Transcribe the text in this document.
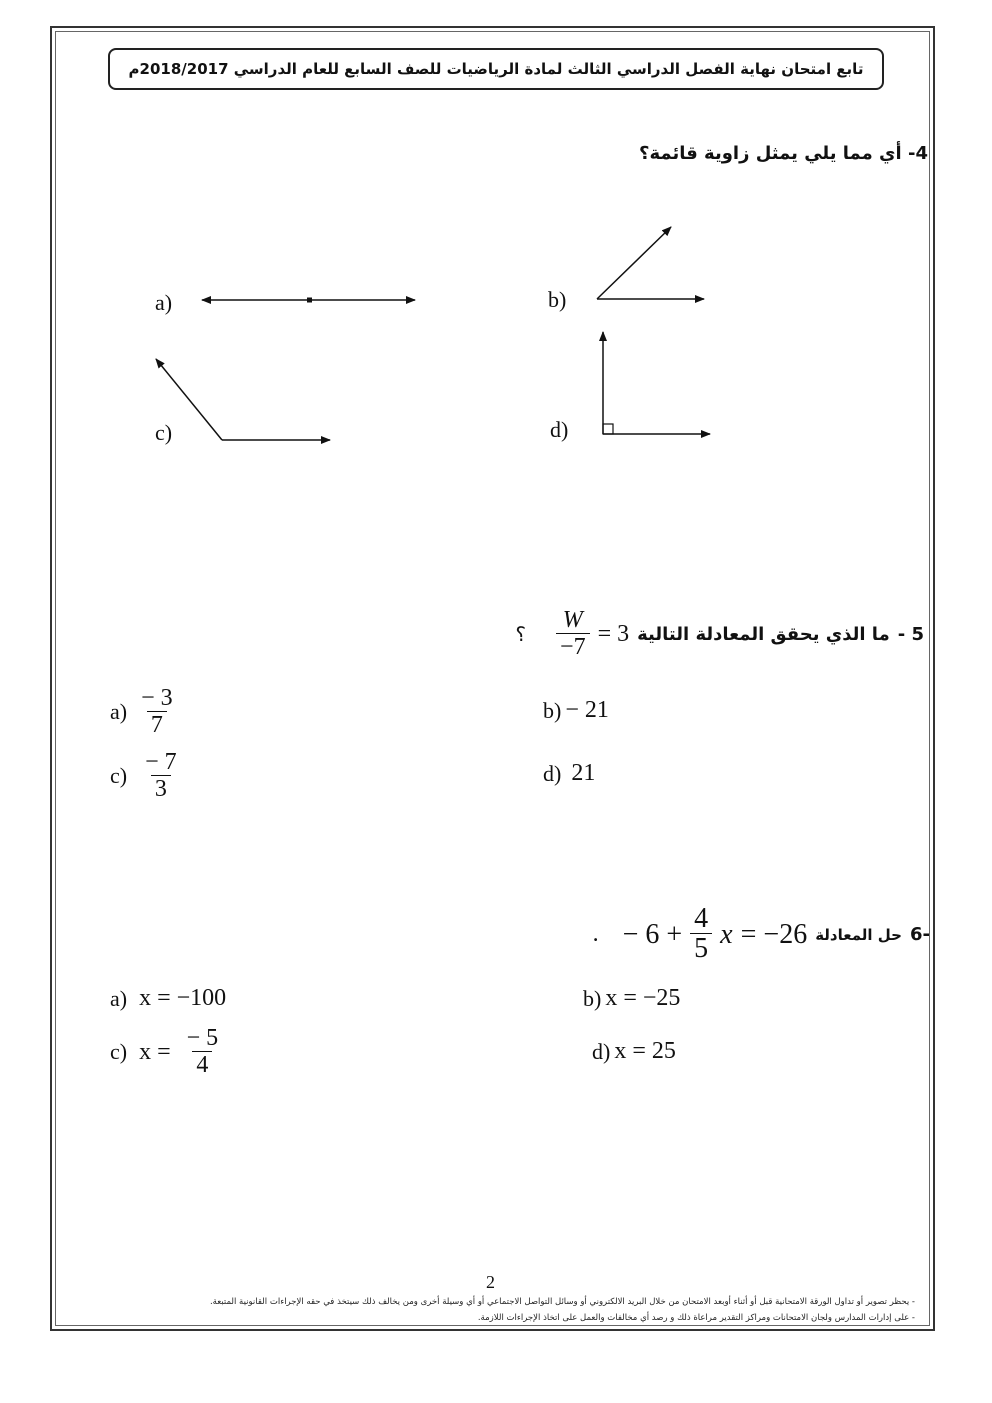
تابع امتحان نهاية الفصل الدراسي الثالث لمادة الرياضيات للصف السابع للعام الدراسي 2018/2017م
4- أي مما يلي يمثل زاوية قائمة؟
a)	b)
c)	d)
؟ $\frac{W}{-7} = 3$ ما الذي يحقق المعادلة التالية 5 -
$a) \frac{- 3}{7}$	b) − 21
$c) \frac{- 7}{3}$	d) 21
. − $6 + \frac{4}{5}$ x = −26 حل المعادلة -6
a) x = −100	b) x = −25
c) $x = \frac{- 5}{4}$	d) x = 25
2
- يحظر تصوير أو تداول الورقة الامتحانية قبل أو أثناء أوبعد الامتحان من خلال البريد الالكتروني أو وسائل التواصل الاجتماعي أو أي وسيلة أخرى ومن يخالف ذلك سيتخذ في حقه الإجراءات القانونية المتبعة.
- على إدارات المدارس ولجان الامتحانات ومراكز التقدير مراعاة ذلك و رصد أي مخالفات والعمل على اتخاذ الإجراءات اللازمة.
